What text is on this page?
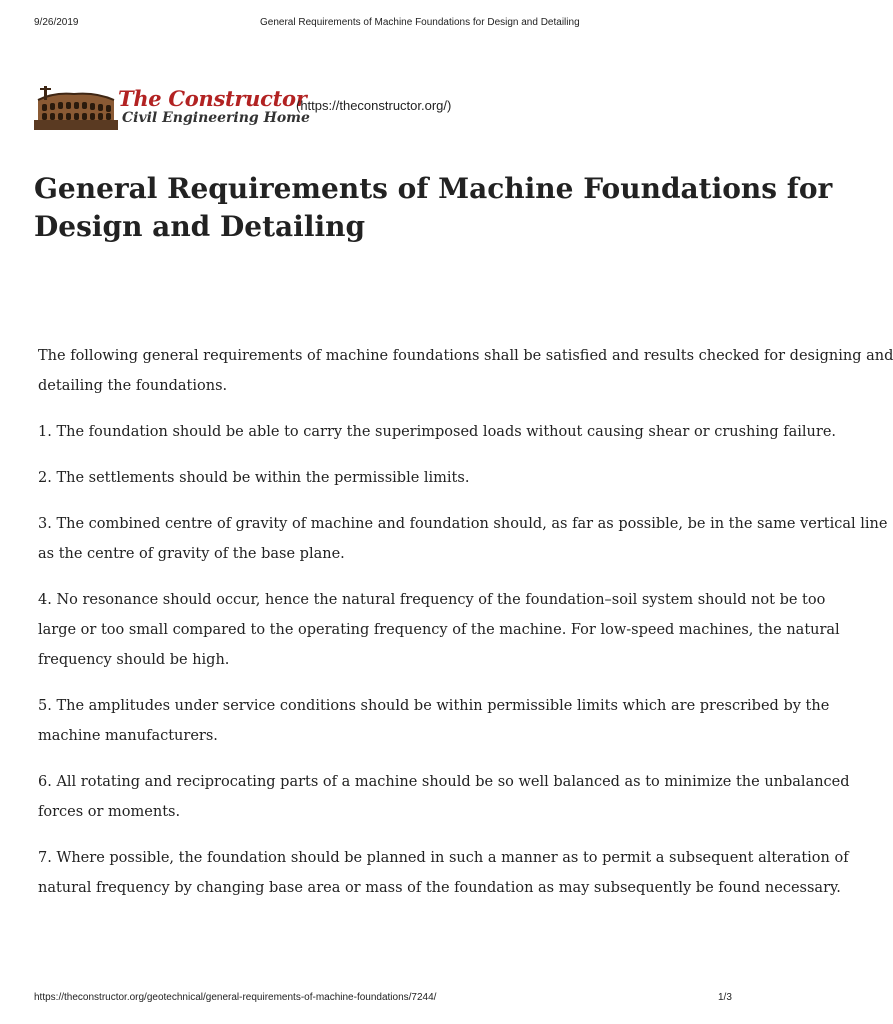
9/26/2019	General Requirements of Machine Foundations for Design and Detailing
The Constructor
Civil Engineering Home
(https://theconstructor.org/)
General Requirements of Machine Foundations for
Design and Detailing

The following general requirements of machine foundations shall be satisfied and results checked for designing and
detailing the foundations.

1. The foundation should be able to carry the superimposed loads without causing shear or crushing failure.

2. The settlements should be within the permissible limits.

3. The combined centre of gravity of machine and foundation should, as far as possible, be in the same vertical line
as the centre of gravity of the base plane.

4. No resonance should occur, hence the natural frequency of the foundation–soil system should not be too
large or too small compared to the operating frequency of the machine. For low-speed machines, the natural
frequency should be high.

5. The amplitudes under service conditions should be within permissible limits which are prescribed by the
machine manufacturers.

6. All rotating and reciprocating parts of a machine should be so well balanced as to minimize the unbalanced
forces or moments.

7. Where possible, the foundation should be planned in such a manner as to permit a subsequent alteration of
natural frequency by changing base area or mass of the foundation as may subsequently be found necessary.

https://theconstructor.org/geotechnical/general-requirements-of-machine-foundations/7244/	1/3
